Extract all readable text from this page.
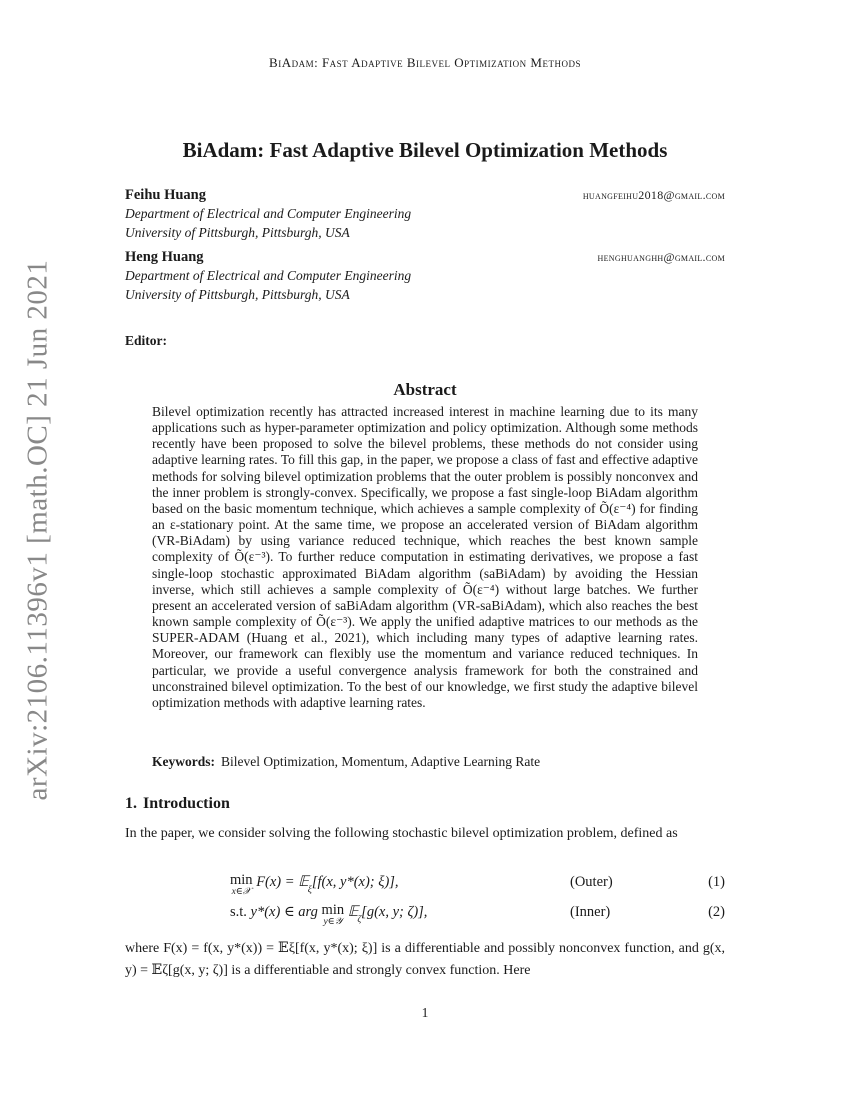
BiAdam: Fast Adaptive Bilevel Optimization Methods
arXiv:2106.11396v1 [math.OC] 21 Jun 2021
BiAdam: Fast Adaptive Bilevel Optimization Methods
Feihu Huang	huangfeihu2018@gmail.com
Department of Electrical and Computer Engineering
University of Pittsburgh, Pittsburgh, USA
Heng Huang	henghuanghh@gmail.com
Department of Electrical and Computer Engineering
University of Pittsburgh, Pittsburgh, USA
Editor:
Abstract

Bilevel optimization recently has attracted increased interest in machine learning due to its many applications such as hyper-parameter optimization and policy optimization. Although some methods recently have been proposed to solve the bilevel problems, these methods do not consider using adaptive learning rates. To fill this gap, in the paper, we propose a class of fast and effective adaptive methods for solving bilevel optimization problems that the outer problem is possibly nonconvex and the inner problem is strongly-convex. Specifically, we propose a fast single-loop BiAdam algorithm based on the basic momentum technique, which achieves a sample complexity of Õ(ε⁻⁴) for finding an ε-stationary point. At the same time, we propose an accelerated version of BiAdam algorithm (VR-BiAdam) by using variance reduced technique, which reaches the best known sample complexity of Õ(ε⁻³). To further reduce computation in estimating derivatives, we propose a fast single-loop stochastic approximated BiAdam algorithm (saBiAdam) by avoiding the Hessian inverse, which still achieves a sample complexity of Õ(ε⁻⁴) without large batches. We further present an accelerated version of saBiAdam algorithm (VR-saBiAdam), which also reaches the best known sample complexity of Õ(ε⁻³). We apply the unified adaptive matrices to our methods as the SUPER-ADAM (Huang et al., 2021), which including many types of adaptive learning rates. Moreover, our framework can flexibly use the momentum and variance reduced techniques. In particular, we provide a useful convergence analysis framework for both the constrained and unconstrained bilevel optimization. To the best of our knowledge, we first study the adaptive bilevel optimization methods with adaptive learning rates.

Keywords: Bilevel Optimization, Momentum, Adaptive Learning Rate
1. Introduction

In the paper, we consider solving the following stochastic bilevel optimization problem, defined as

min
x∈𝒳
F(x) = 𝔼$_\xi$[f(x, y*(x); ξ)],	(Outer)	(1)
s.t. y*(x) ∈ arg min
y∈𝒴
𝔼$_\zeta$[g(x, y; ζ)],	(Inner)	(2)

where F(x) = f(x, y*(x)) = 𝔼ξ[f(x, y*(x); ξ)] is a differentiable and possibly nonconvex function, and g(x, y) = 𝔼ζ[g(x, y; ζ)] is a differentiable and strongly convex function. Here

1
